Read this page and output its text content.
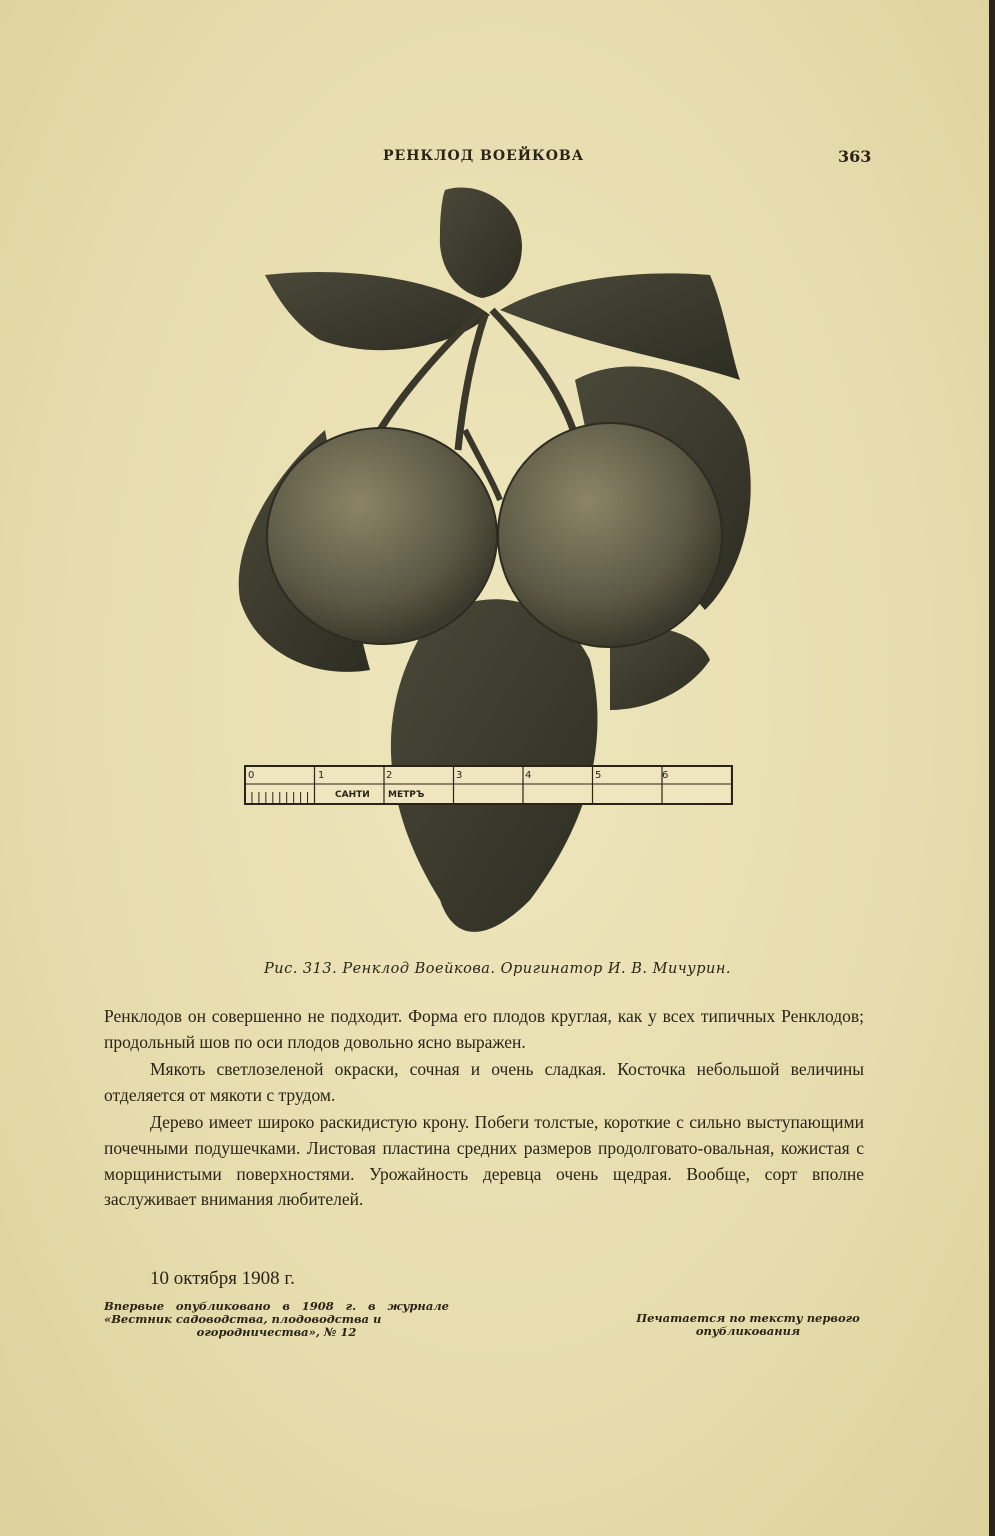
РЕНКЛОД ВОЕЙКОВА	363
САНТИ МЕТРЪ
0	1	2	3	4	5	6
Рис. 313. Ренклод Воейкова. Оригинатор И. В. Мичурин.

Ренклодов он совершенно не подходит. Форма его плодов круглая, как у всех типичных Ренклодов; продольный шов по оси плодов довольно ясно выражен.

Мякоть светлозеленой окраски, сочная и очень сладкая. Косточка небольшой величины отделяется от мякоти с трудом.

Дерево имеет широко раскидистую крону. Побеги толстые, короткие с сильно выступающими почечными подушечками. Листовая пластина средних размеров продолговато-овальная, кожистая с морщинистыми поверхностями. Урожайность деревца очень щедрая. Вообще, сорт вполне заслуживает внимания любителей.

10 октября 1908 г.
Впервые опубликовано в 1908 г. в журнале «Вестник садоводства, плодоводства и
огородничества», № 12
Печатается по тексту первого опубликования
